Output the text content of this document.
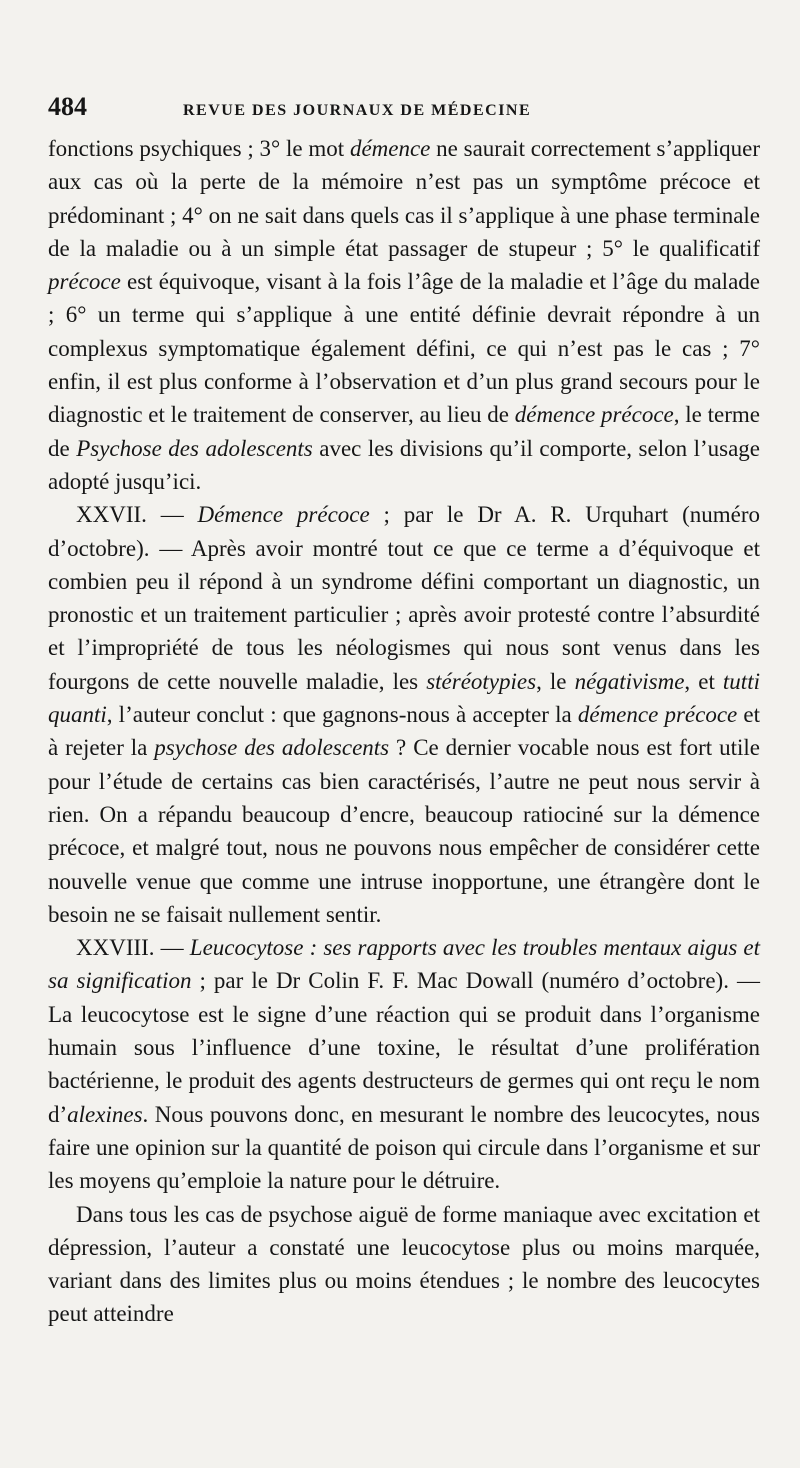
484	REVUE DES JOURNAUX DE MÉDECINE

fonctions psychiques ; 3° le mot démence ne saurait correctement s’appliquer aux cas où la perte de la mémoire n’est pas un symptôme précoce et prédominant ; 4° on ne sait dans quels cas il s’applique à une phase terminale de la maladie ou à un simple état passager de stupeur ; 5° le qualificatif précoce est équivoque, visant à la fois l’âge de la maladie et l’âge du malade ; 6° un terme qui s’applique à une entité définie devrait répondre à un complexus symptomatique également défini, ce qui n’est pas le cas ; 7° enfin, il est plus conforme à l’observation et d’un plus grand secours pour le diagnostic et le traitement de conserver, au lieu de démence précoce, le terme de Psychose des adolescents avec les divisions qu’il comporte, selon l’usage adopté jusqu’ici.

XXVII. — Démence précoce ; par le Dr A. R. Urquhart (numéro d’octobre). — Après avoir montré tout ce que ce terme a d’équivoque et combien peu il répond à un syndrome défini comportant un diagnostic, un pronostic et un traitement particulier ; après avoir protesté contre l’absurdité et l’impropriété de tous les néologismes qui nous sont venus dans les fourgons de cette nouvelle maladie, les stéréotypies, le négativisme, et tutti quanti, l’auteur conclut : que gagnons-nous à accepter la démence précoce et à rejeter la psychose des adolescents ? Ce dernier vocable nous est fort utile pour l’étude de certains cas bien caractérisés, l’autre ne peut nous servir à rien. On a répandu beaucoup d’encre, beaucoup ratiociné sur la démence précoce, et malgré tout, nous ne pouvons nous empêcher de considérer cette nouvelle venue que comme une intruse inopportune, une étrangère dont le besoin ne se faisait nullement sentir.

XXVIII. — Leucocytose : ses rapports avec les troubles mentaux aigus et sa signification ; par le Dr Colin F. F. Mac Dowall (numéro d’octobre). — La leucocytose est le signe d’une réaction qui se produit dans l’organisme humain sous l’influence d’une toxine, le résultat d’une prolifération bactérienne, le produit des agents destructeurs de germes qui ont reçu le nom d’alexines. Nous pouvons donc, en mesurant le nombre des leucocytes, nous faire une opinion sur la quantité de poison qui circule dans l’organisme et sur les moyens qu’emploie la nature pour le détruire.

Dans tous les cas de psychose aiguë de forme maniaque avec excitation et dépression, l’auteur a constaté une leucocytose plus ou moins marquée, variant dans des limites plus ou moins étendues ; le nombre des leucocytes peut atteindre
